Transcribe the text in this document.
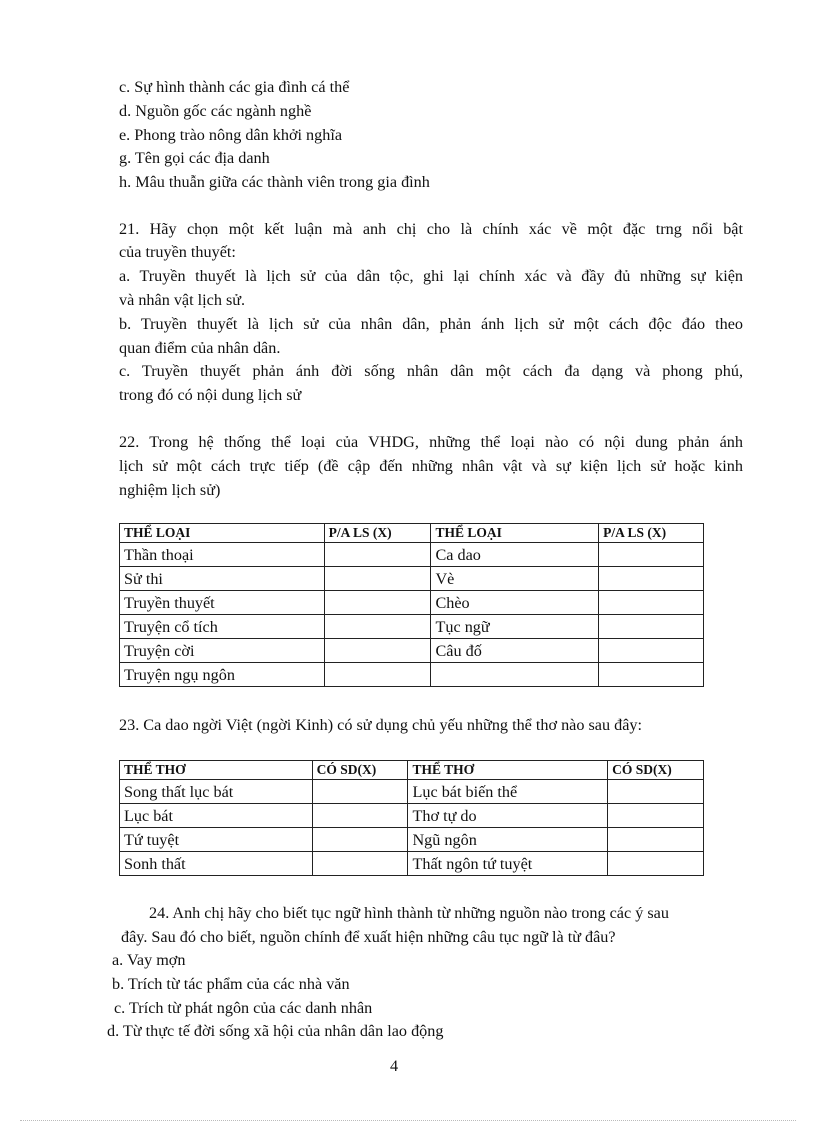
c. Sự hình thành các gia đình cá thể
d. Nguồn gốc các ngành nghề
e. Phong trào nông dân khởi nghĩa
g. Tên gọi các địa danh
h. Mâu thuẫn giữa các thành viên trong gia đình
21. Hãy chọn một kết luận mà anh chị cho là chính xác về một đặc trng nổi bật
của truyền thuyết:
a. Truyền thuyết là lịch sử của dân tộc, ghi lại chính xác và đầy đủ những sự kiện
và nhân vật lịch sử.
b. Truyền thuyết là lịch sử của nhân dân, phản ánh lịch sử một cách độc đáo theo
quan điểm của nhân dân.
c. Truyền thuyết phản ánh đời sống nhân dân một cách đa dạng và phong phú,
trong đó có nội dung lịch sử
22. Trong hệ thống thể loại của VHDG, những thể loại nào có nội dung phản ánh
lịch sử một cách trực tiếp (đề cập đến những nhân vật và sự kiện lịch sử hoặc kinh
nghiệm lịch sử)
THỂ LOẠI	P/A LS (X)	THỂ LOẠI	P/A LS (X)
Thần thoại		Ca dao	
Sử thi		Vè	
Truyền thuyết		Chèo	
Truyện cổ tích		Tục ngữ	
Truyện cời		Câu đố	
Truyện ngụ ngôn			
23. Ca dao ngời Việt (ngời Kinh) có sử dụng chủ yếu những thể thơ nào sau đây:
THỂ THƠ	CÓ SD(X)	THỂ THƠ	CÓ SD(X)
Song thất lục bát		Lục bát biến thể	
Lục bát		Thơ tự do	
Tứ tuyệt		Ngũ ngôn	
Sonh thất		Thất ngôn tứ tuyệt	
24. Anh chị hãy cho biết tục ngữ hình thành từ những nguồn nào trong các ý sau
đây. Sau đó cho biết, nguồn chính để xuất hiện những câu tục ngữ là từ đâu?
a. Vay mợn
b. Trích từ tác phẩm của các nhà văn
c. Trích từ phát ngôn của các danh nhân
d. Từ thực tế đời sống xã hội của nhân dân lao động
4
